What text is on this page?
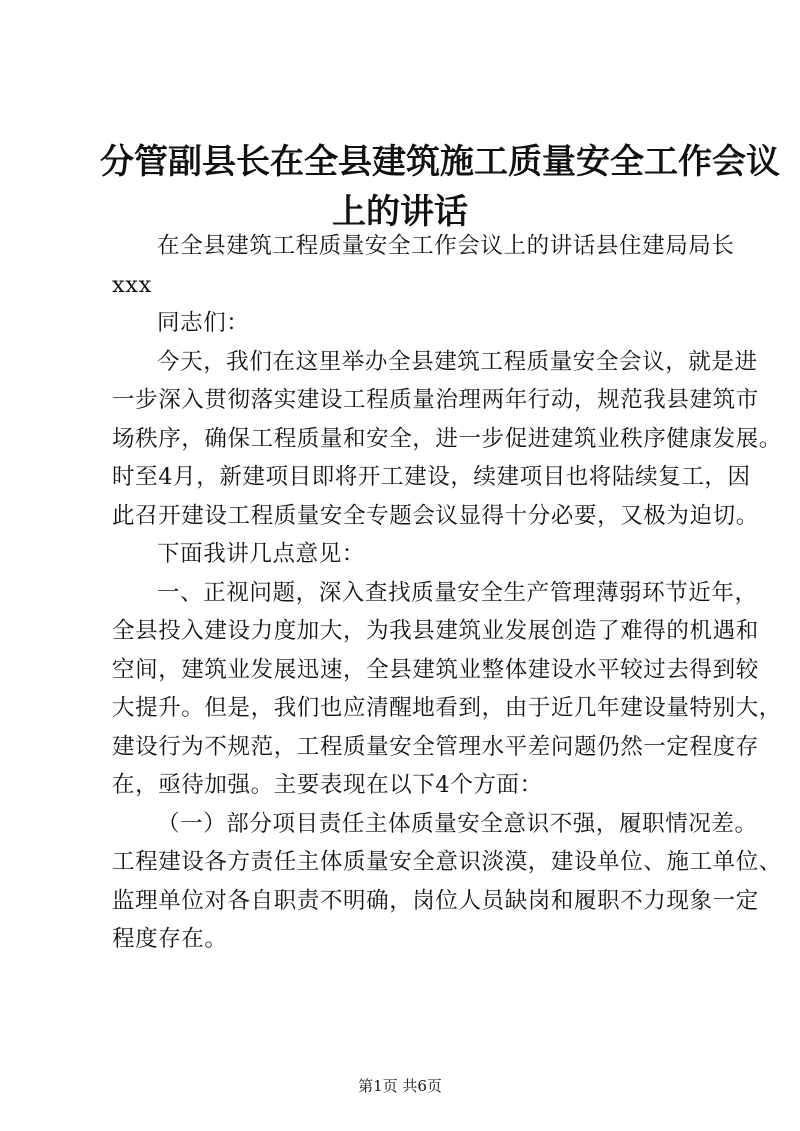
分管副县长在全县建筑施工质量安全工作会议
上的讲话
在全县建筑工程质量安全工作会议上的讲话县住建局局长
xxx
同志们：
今天，我们在这里举办全县建筑工程质量安全会议，就是进
一步深入贯彻落实建设工程质量治理两年行动，规范我县建筑市
场秩序，确保工程质量和安全，进一步促进建筑业秩序健康发展。
时至4月，新建项目即将开工建设，续建项目也将陆续复工，因
此召开建设工程质量安全专题会议显得十分必要，又极为迫切。
下面我讲几点意见：
一、正视问题，深入查找质量安全生产管理薄弱环节近年，
全县投入建设力度加大，为我县建筑业发展创造了难得的机遇和
空间，建筑业发展迅速，全县建筑业整体建设水平较过去得到较
大提升。但是，我们也应清醒地看到，由于近几年建设量特别大，
建设行为不规范，工程质量安全管理水平差问题仍然一定程度存
在，亟待加强。主要表现在以下4个方面：
（一）部分项目责任主体质量安全意识不强，履职情况差。
工程建设各方责任主体质量安全意识淡漠，建设单位、施工单位、
监理单位对各自职责不明确，岗位人员缺岗和履职不力现象一定
程度存在。
第1页 共6页
